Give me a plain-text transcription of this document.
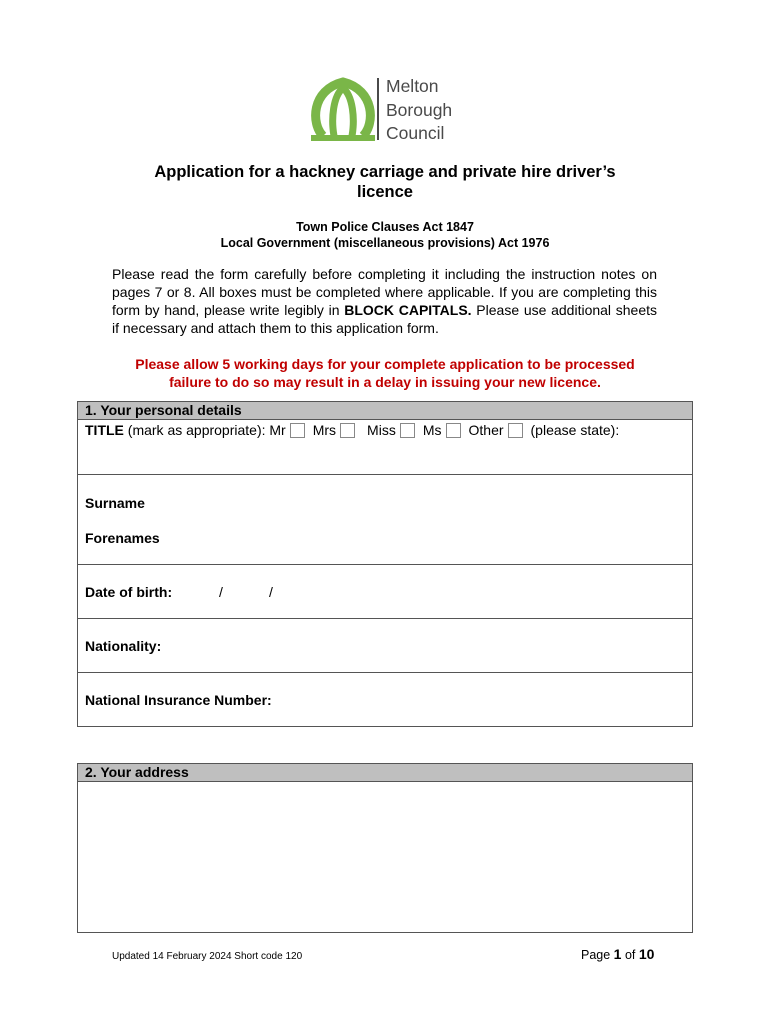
Melton
Borough
Council
Application for a hackney carriage and private hire driver’s
licence
Town Police Clauses Act 1847
Local Government (miscellaneous provisions) Act 1976
Please read the form carefully before completing it including the instruction notes on pages 7 or 8. All boxes must be completed where applicable. If you are completing this form by hand, please write legibly in BLOCK CAPITALS. Please use additional sheets if necessary and attach them to this application form.
Please allow 5 working days for your complete application to be processed
failure to do so may result in a delay in issuing your new licence.
1. Your personal details
TITLE (mark as appropriate): Mr Mrs Miss Ms Other (please state):
Surname
Forenames
Date of birth:	/	/
Nationality:
National Insurance Number:
2. Your address
Updated 14 February 2024 Short code 120	Page 1 of 10
